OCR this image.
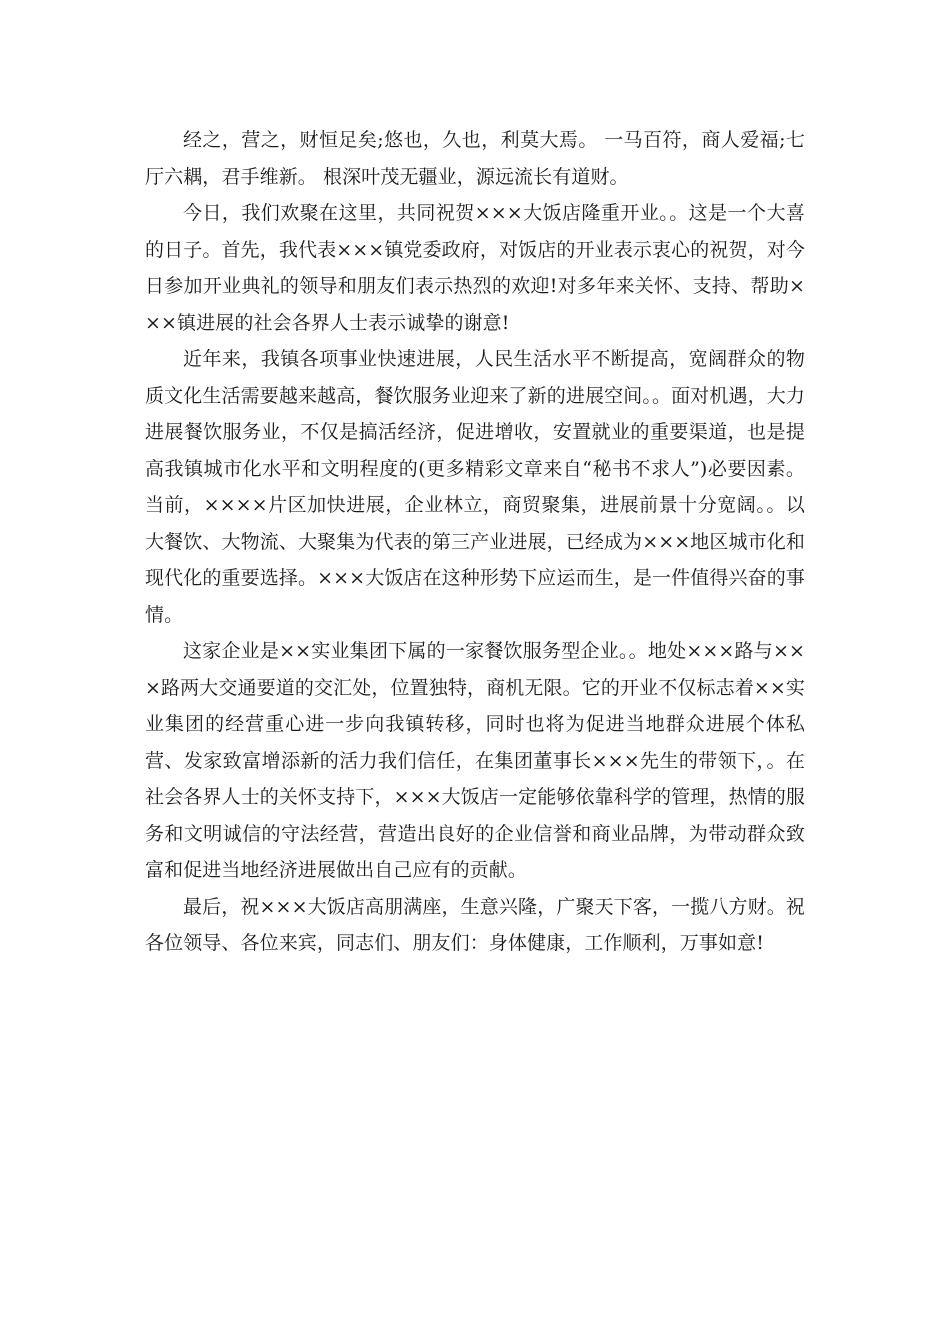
经之，营之，财恒足矣;悠也，久也，利莫大焉。 一马百符，商人爱福;七厅六耦，君手维新。 根深叶茂无疆业，源远流长有道财。

今日，我们欢聚在这里，共同祝贺×××大饭店隆重开业。。这是一个大喜的日子。首先，我代表×××镇党委政府，对饭店的开业表示衷心的祝贺，对今日参加开业典礼的领导和朋友们表示热烈的欢迎!对多年来关怀、支持、帮助×××镇进展的社会各界人士表示诚挚的谢意!

近年来，我镇各项事业快速进展，人民生活水平不断提高，宽阔群众的物质文化生活需要越来越高，餐饮服务业迎来了新的进展空间。。面对机遇，大力进展餐饮服务业，不仅是搞活经济，促进增收，安置就业的重要渠道，也是提高我镇城市化水平和文明程度的(更多精彩文章来自“秘书不求人”)必要因素。当前，××××片区加快进展，企业林立，商贸聚集，进展前景十分宽阔。。以大餐饮、大物流、大聚集为代表的第三产业进展，已经成为×××地区城市化和现代化的重要选择。×××大饭店在这种形势下应运而生，是一件值得兴奋的事情。

这家企业是××实业集团下属的一家餐饮服务型企业。。地处×××路与×××路两大交通要道的交汇处，位置独特，商机无限。它的开业不仅标志着××实业集团的经营重心进一步向我镇转移，同时也将为促进当地群众进展个体私营、发家致富增添新的活力我们信任，在集团董事长×××先生的带领下，。在社会各界人士的关怀支持下，×××大饭店一定能够依靠科学的管理，热情的服务和文明诚信的守法经营，营造出良好的企业信誉和商业品牌，为带动群众致富和促进当地经济进展做出自己应有的贡献。

最后，祝×××大饭店高朋满座，生意兴隆，广聚天下客，一揽八方财。祝各位领导、各位来宾，同志们、朋友们：身体健康，工作顺利，万事如意!
